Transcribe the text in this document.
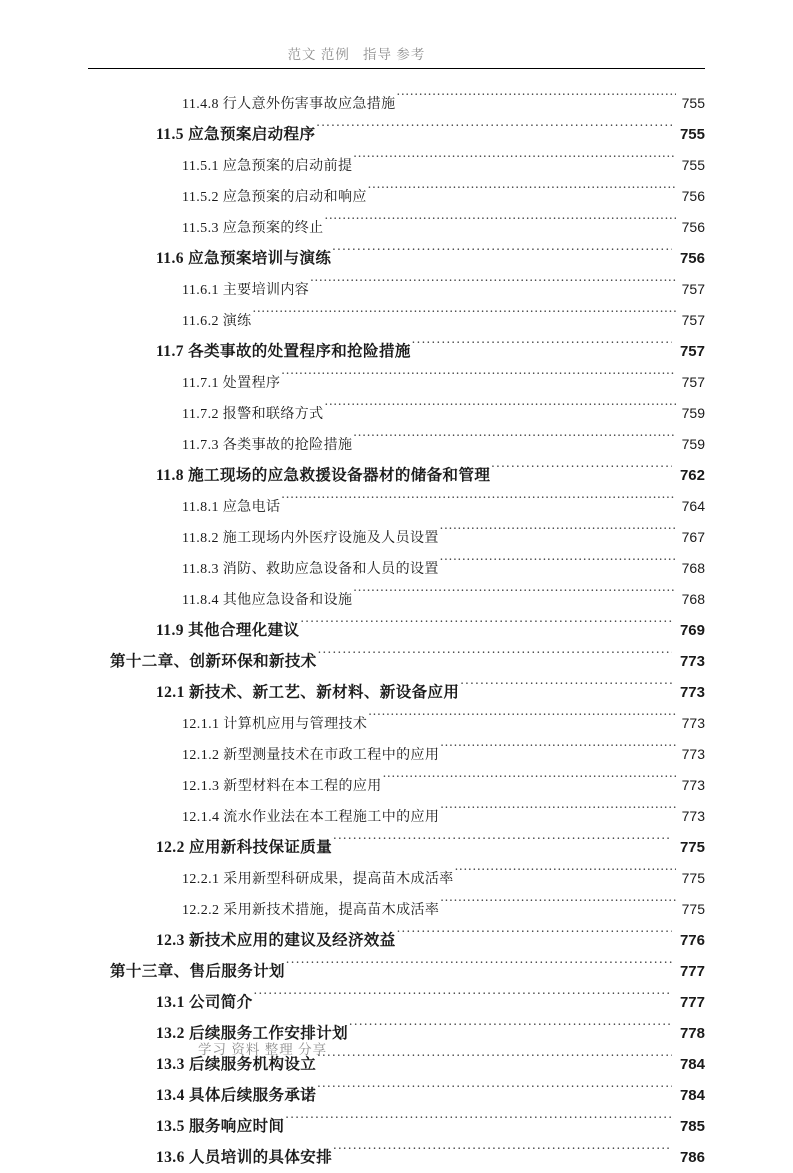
范文 范例   指导 参考
11.4.8 行人意外伤害事故应急措施 .....	755
11.5 应急预案启动程序 .....	755
11.5.1 应急预案的启动前提 .....	755
11.5.2 应急预案的启动和响应 .....	756
11.5.3 应急预案的终止 .....	756
11.6 应急预案培训与演练 .....	756
11.6.1 主要培训内容 .....	757
11.6.2 演练 .....	757
11.7 各类事故的处置程序和抢险措施 .....	757
11.7.1 处置程序 .....	757
11.7.2 报警和联络方式 .....	759
11.7.3 各类事故的抢险措施 .....	759
11.8 施工现场的应急救援设备器材的储备和管理 .....	762
11.8.1 应急电话 .....	764
11.8.2 施工现场内外医疗设施及人员设置 .....	767
11.8.3 消防、救助应急设备和人员的设置 .....	768
11.8.4 其他应急设备和设施 .....	768
11.9 其他合理化建议 .....	769
第十二章、创新环保和新技术 .....	773
12.1 新技术、新工艺、新材料、新设备应用 .....	773
12.1.1 计算机应用与管理技术 .....	773
12.1.2 新型测量技术在市政工程中的应用 .....	773
12.1.3 新型材料在本工程的应用 .....	773
12.1.4 流水作业法在本工程施工中的应用 .....	773
12.2 应用新科技保证质量 .....	775
12.2.1 采用新型科研成果，提高苗木成活率 .....	775
12.2.2 采用新技术措施，提高苗木成活率 .....	775
12.3 新技术应用的建议及经济效益 .....	776
第十三章、售后服务计划 .....	777
13.1 公司简介 .....	777
13.2 后续服务工作安排计划 .....	778
13.3 后续服务机构设立 .....	784
13.4 具体后续服务承诺 .....	784
13.5 服务响应时间 .....	785
13.6 人员培训的具体安排 .....	786
学习 资料 整理 分享
